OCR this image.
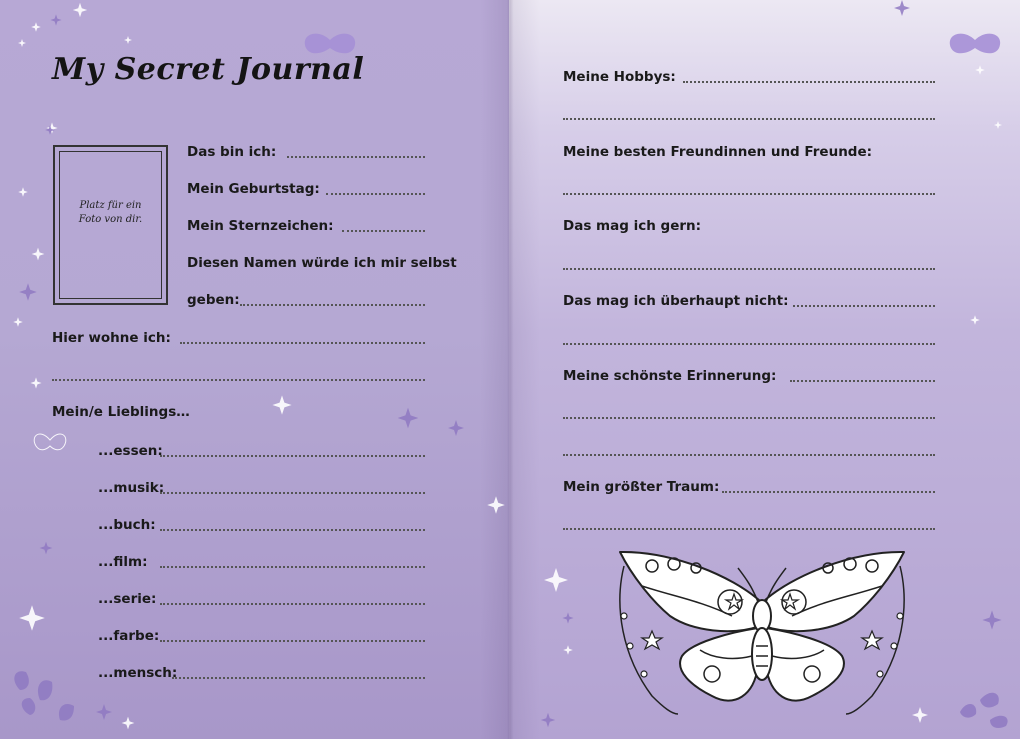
My Secret Journal
Platz für ein
Foto von dir.
Das bin ich:
Mein Geburtstag:
Mein Sternzeichen:
Diesen Namen würde ich mir selbst
geben:
Hier wohne ich:
Mein/e Lieblings…
...essen:
...musik:
...buch:
...film:
...serie:
...farbe:
...mensch:
Meine Hobbys:
Meine besten Freundinnen und Freunde:
Das mag ich gern:
Das mag ich überhaupt nicht:
Meine schönste Erinnerung:
Mein größter Traum:
